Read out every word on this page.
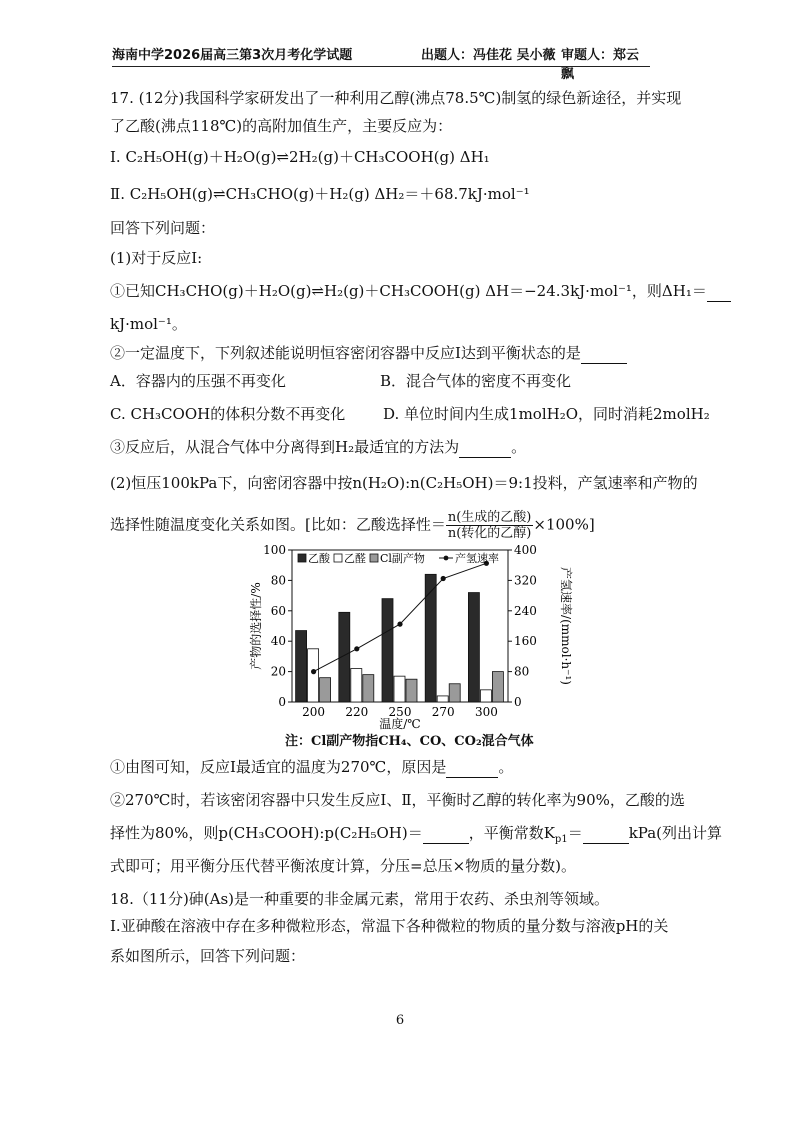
海南中学2026届高三第3次月考化学试题	出题人：冯佳花 吴小薇 审题人：郑云飘
17. (12分)我国科学家研发出了一种利用乙醇(沸点78.5℃)制氢的绿色新途径，并实现
了乙酸(沸点118℃)的高附加值生产，主要反应为：
Ⅰ. C₂H₅OH(g)＋H₂O(g)⇌2H₂(g)＋CH₃COOH(g) ΔH₁
Ⅱ. C₂H₅OH(g)⇌CH₃CHO(g)＋H₂(g) ΔH₂＝＋68.7kJ·mol⁻¹
回答下列问题：
(1)对于反应Ⅰ:
①已知CH₃CHO(g)＋H₂O(g)⇌H₂(g)＋CH₃COOH(g) ΔH＝−24.3kJ·mol⁻¹，则ΔH₁＝
kJ·mol⁻¹。
②一定温度下，下列叙述能说明恒容密闭容器中反应Ⅰ达到平衡状态的是
A．容器内的压强不再变化	B．混合气体的密度不再变化
C. CH₃COOH的体积分数不再变化	D. 单位时间内生成1molH₂O，同时消耗2molH₂
③反应后，从混合气体中分离得到H₂最适宜的方法为	。
(2)恒压100kPa下，向密闭容器中按n(H₂O):n(C₂H₅OH)＝9:1投料，产氢速率和产物的
选择性随温度变化关系如图。[比如：乙酸选择性＝ $\frac{\text{n(生成的乙酸)}}{\text{n(转化的乙醇)}} \times 100\%$]
0
20
40
60
80
100
0
80
160
240
320
400
产物的选择性/%	产氢速率/(mmol·h⁻¹)
温度/℃
200 220 250 270 300
乙酸 乙醛 Cl副产物	产氢速率
注：Cl副产物指CH₄、CO、CO₂混合气体
①由图可知，反应Ⅰ最适宜的温度为270℃，原因是	。
②270℃时，若该密闭容器中只发生反应Ⅰ、Ⅱ，平衡时乙醇的转化率为90%，乙酸的选
择性为80%，则p(CH₃COOH):p(C₂H₅OH)＝	，平衡常数$K_{p1}=$	kPa(列出计算
式即可；用平衡分压代替平衡浓度计算，分压=总压×物质的量分数)。
18.（11分)砷(As)是一种重要的非金属元素，常用于农药、杀虫剂等领域。
Ⅰ.亚砷酸在溶液中存在多种微粒形态，常温下各种微粒的物质的量分数与溶液pH的关
系如图所示，回答下列问题：
6
